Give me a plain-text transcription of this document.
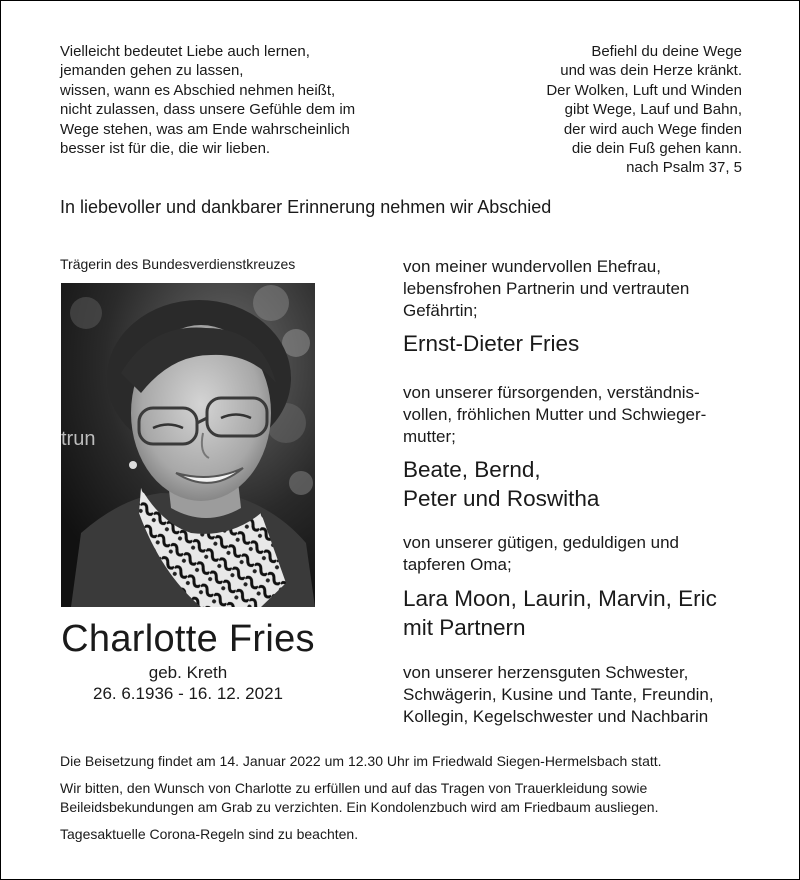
Vielleicht bedeutet Liebe auch lernen,
jemanden gehen zu lassen,
wissen, wann es Abschied nehmen heißt,
nicht zulassen, dass unsere Gefühle dem im
Wege stehen, was am Ende wahrscheinlich
besser ist für die, die wir lieben.
Befiehl du deine Wege
und was dein Herze kränkt.
Der Wolken, Luft und Winden
gibt Wege, Lauf und Bahn,
der wird auch Wege finden
die dein Fuß gehen kann.
nach Psalm 37, 5
In liebevoller und dankbarer Erinnerung nehmen wir Abschied
Trägerin des Bundesverdienstkreuzes
trun
Charlotte Fries
geb. Kreth
26. 6.1936 - 16. 12. 2021
von meiner wundervollen Ehefrau,
lebensfrohen Partnerin und vertrauten
Gefährtin;
Ernst-Dieter Fries
von unserer fürsorgenden, verständnis-
vollen, fröhlichen Mutter und Schwieger-
mutter;
Beate, Bernd,
Peter und Roswitha
von unserer gütigen, geduldigen und
tapferen Oma;
Lara Moon, Laurin, Marvin, Eric
mit Partnern
von unserer herzensguten Schwester,
Schwägerin, Kusine und Tante, Freundin,
Kollegin, Kegelschwester und Nachbarin

Die Beisetzung findet am 14. Januar 2022 um 12.30 Uhr im Friedwald Siegen-Hermelsbach statt.

Wir bitten, den Wunsch von Charlotte zu erfüllen und auf das Tragen von Trauerkleidung sowie Beileidsbekundungen am Grab zu verzichten. Ein Kondolenzbuch wird am Friedbaum ausliegen.

Tagesaktuelle Corona-Regeln sind zu beachten.
